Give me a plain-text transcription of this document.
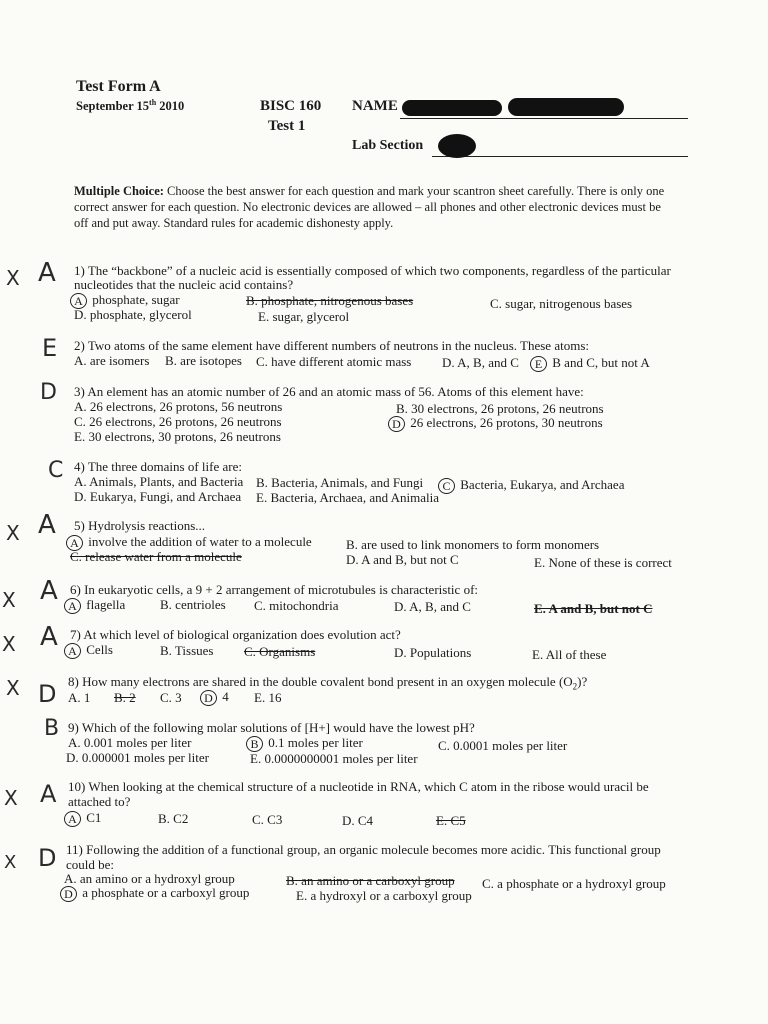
Test Form A
September 15th 2010	BISC 160
Test 1
NAME
Lab Section
Multiple Choice: Choose the best answer for each question and mark your scantron sheet carefully. There is only one
correct answer for each question. No electronic devices are allowed – all phones and other electronic devices must be
off and put away. Standard rules for academic dishonesty apply.
X A 1) The “backbone” of a nucleic acid is essentially composed of which two components, regardless of the particular
nucleotides that the nucleic acid contains?
A phosphate, sugar	B. phosphate, nitrogenous bases	C. sugar, nitrogenous bases
D. phosphate, glycerol	E. sugar, glycerol
E 2) Two atoms of the same element have different numbers of neutrons in the nucleus. These atoms:
A. are isomers B. are isotopes C. have different atomic mass D. A, B, and C	E B and C, but not A
D 3) An element has an atomic number of 26 and an atomic mass of 56. Atoms of this element have:
A. 26 electrons, 26 protons, 56 neutrons	B. 30 electrons, 26 protons, 26 neutrons
C. 26 electrons, 26 protons, 26 neutrons	D 26 electrons, 26 protons, 30 neutrons
E. 30 electrons, 30 protons, 26 neutrons
C 4) The three domains of life are:
A. Animals, Plants, and Bacteria B. Bacteria, Animals, and Fungi	C Bacteria, Eukarya, and Archaea
D. Eukarya, Fungi, and Archaea E. Bacteria, Archaea, and Animalia
X A 5) Hydrolysis reactions...
A involve the addition of water to a molecule	B. are used to link monomers to form monomers
C. release water from a molecule	D. A and B, but not C	E. None of these is correct
X A 6) In eukaryotic cells, a 9 + 2 arrangement of microtubules is characteristic of:
A flagella	B. centrioles C. mitochondria	D. A, B, and C	E. A and B, but not C
X A 7) At which level of biological organization does evolution act?
A Cells	B. Tissues C. Organisms	D. Populations	E. All of these
X D 8) How many electrons are shared in the double covalent bond present in an oxygen molecule $(O_2)$?
A. 1 B. 2 C. 3	D 4 E. 16
B 9) Which of the following molar solutions of [H+] would have the lowest pH?
A. 0.001 moles per liter	B 0.1 moles per liter	C. 0.0001 moles per liter
D. 0.000001 moles per liter	E. 0.0000000001 moles per liter
X A 10) When looking at the chemical structure of a nucleotide in RNA, which C atom in the ribose would uracil be
attached to?
A C1	B. C2	C. C3	D. C4	E. C5
X D 11) Following the addition of a functional group, an organic molecule becomes more acidic. This functional group
could be:
A. an amino or a hydroxyl group	B. an amino or a carboxyl group C. a phosphate or a hydroxyl group
D a phosphate or a carboxyl group	E. a hydroxyl or a carboxyl group
